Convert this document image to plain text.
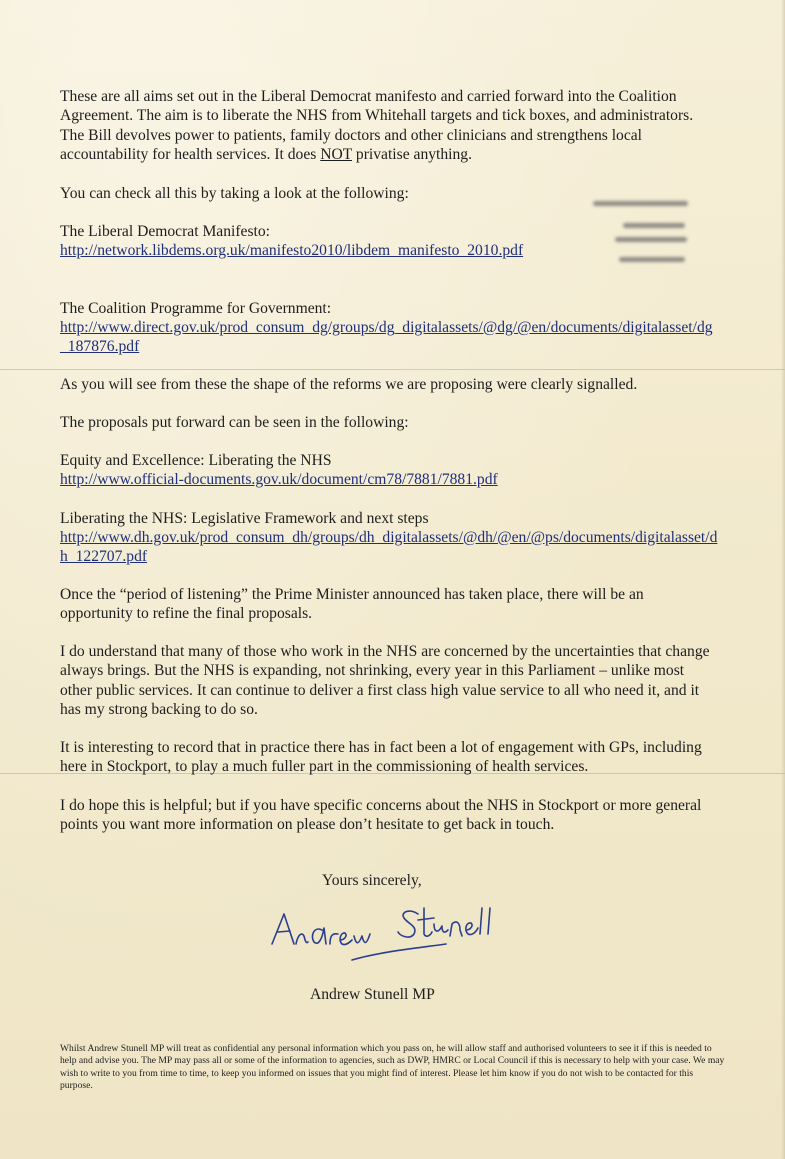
These are all aims set out in the Liberal Democrat manifesto and carried forward into the Coalition Agreement. The aim is to liberate the NHS from Whitehall targets and tick boxes, and administrators. The Bill devolves power to patients, family doctors and other clinicians and strengthens local accountability for health services. It does NOT privatise anything.

You can check all this by taking a look at the following:

The Liberal Democrat Manifesto:

http://network.libdems.org.uk/manifesto2010/libdem_manifesto_2010.pdf

The Coalition Programme for Government:

http://www.direct.gov.uk/prod_consum_dg/groups/dg_digitalassets/@dg/@en/documents/digitalasset/dg_187876.pdf

As you will see from these the shape of the reforms we are proposing were clearly signalled.

The proposals put forward can be seen in the following:

Equity and Excellence: Liberating the NHS

http://www.official-documents.gov.uk/document/cm78/7881/7881.pdf

Liberating the NHS: Legislative Framework and next steps

http://www.dh.gov.uk/prod_consum_dh/groups/dh_digitalassets/@dh/@en/@ps/documents/digitalasset/dh_122707.pdf

Once the “period of listening” the Prime Minister announced has taken place, there will be an opportunity to refine the final proposals.

I do understand that many of those who work in the NHS are concerned by the uncertainties that change always brings. But the NHS is expanding, not shrinking, every year in this Parliament – unlike most other public services. It can continue to deliver a first class high value service to all who need it, and it has my strong backing to do so.

It is interesting to record that in practice there has in fact been a lot of engagement with GPs, including here in Stockport, to play a much fuller part in the commissioning of health services.

I do hope this is helpful; but if you have specific concerns about the NHS in Stockport or more general points you want more information on please don’t hesitate to get back in touch.

Yours sincerely,
Andrew Stunell MP
Whilst Andrew Stunell MP will treat as confidential any personal information which you pass on, he will allow staff and authorised volunteers to see it if this is needed to help and advise you. The MP may pass all or some of the information to agencies, such as DWP, HMRC or Local Council if this is necessary to help with your case. We may wish to write to you from time to time, to keep you informed on issues that you might find of interest. Please let him know if you do not wish to be contacted for this purpose.
